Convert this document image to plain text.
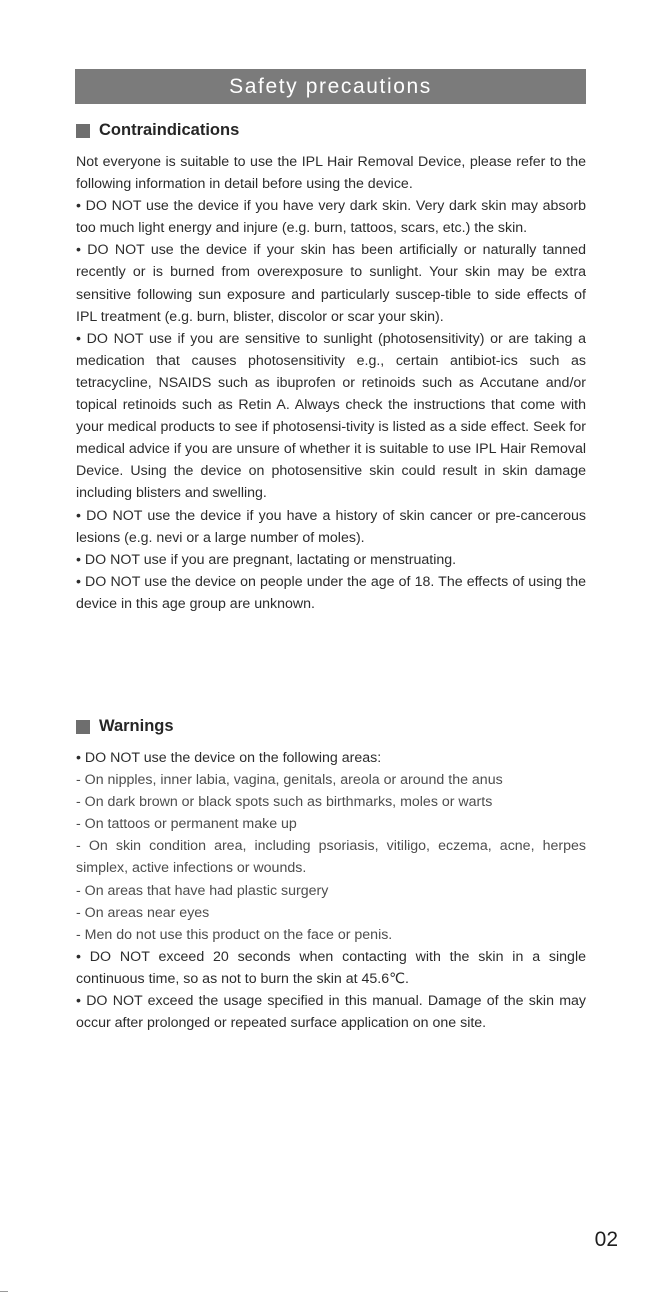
Safety precautions
Contraindications

Not everyone is suitable to use the IPL Hair Removal Device, please refer to the following information in detail before using the device.

• DO NOT use the device if you have very dark skin. Very dark skin may absorb too much light energy and injure (e.g. burn, tattoos, scars, etc.) the skin.

• DO NOT use the device if your skin has been artificially or naturally tanned recently or is burned from overexposure to sunlight. Your skin may be extra sensitive following sun exposure and particularly suscep-tible to side effects of IPL treatment (e.g. burn, blister, discolor or scar your skin).

• DO NOT use if you are sensitive to sunlight (photosensitivity) or are taking a medication that causes photosensitivity e.g., certain antibiot-ics such as tetracycline, NSAIDS such as ibuprofen or retinoids such as Accutane and/or topical retinoids such as Retin A. Always check the instructions that come with your medical products to see if photosensi-tivity is listed as a side effect. Seek for medical advice if you are unsure of whether it is suitable to use IPL Hair Removal Device. Using the device on photosensitive skin could result in skin damage including blisters and swelling.

• DO NOT use the device if you have a history of skin cancer or pre-cancerous lesions (e.g. nevi or a large number of moles).

• DO NOT use if you are pregnant, lactating or menstruating.

• DO NOT use the device on people under the age of 18. The effects of using the device in this age group are unknown.

Warnings

• DO NOT use the device on the following areas:

- On nipples, inner labia, vagina, genitals, areola or around the anus

- On dark brown or black spots such as birthmarks, moles or warts

- On tattoos or permanent make up

- On skin condition area, including psoriasis, vitiligo, eczema, acne, herpes simplex, active infections or wounds.

- On areas that have had plastic surgery

- On areas near eyes

- Men do not use this product on the face or penis.

• DO NOT exceed 20 seconds when contacting with the skin in a single continuous time, so as not to burn the skin at 45.6℃.

• DO NOT exceed the usage specified in this manual. Damage of the skin may occur after prolonged or repeated surface application on one site.

02
